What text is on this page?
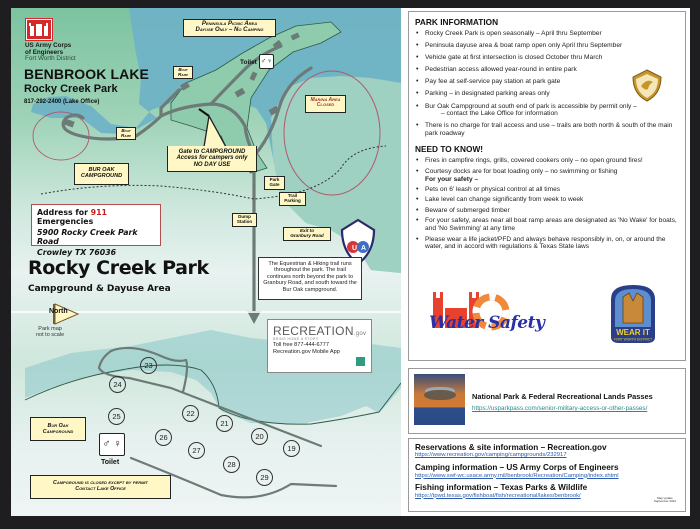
U A
US Army Corps
of Engineers
Fort Worth District
BENBROOK LAKE
Rocky Creek Park
817-292-2400 (Lake Office)
Peninsula Picnic Area
Dayuse Only – No Camping
Boat
Ramp
Boat
Ramp
Toilet ♂ ♀
Marina Area
Closed
BUR OAK
CAMPGROUND
Gate to CAMPGROUND
Access for campers only
NO DAY USE
Park
Gate
Trail
Parking
Dump
Station
Exit to
Granbury Road
Address for 911 Emergencies
5900 Rocky Creek Park Road
Crowley TX 76036
Rocky Creek Park
Campground & Dayuse Area
North
Park map
not to scale
The Equestrian & Hiking trail runs throughout the park. The trail continues north beyond the park to Granbury Road, and south toward the Bur Oak campground.
RECREATION.gov
BRING HOME A STORY
Toll free 877-444-6777
Recreation.gov Mobile App
23
24
25	22
26
21
27
20
28
19
29
Bur Oak
Campground
♂ ♀
Toilet
Campground is closed except by permit
Contact Lake Office
PARK INFORMATION
• Rocky Creek Park is open seasonally – April thru September
• Peninsula dayuse area & boat ramp open only April thru September
• Vehicle gate at first intersection is closed October thru March
• Pedestrian access allowed year-round in entire park
• Pay fee at self-service pay station at park gate
• Parking – in designated parking areas only
• Bur Oak Campground at south end of park is accessible by permit only –
– contact the Lake Office for information
• There is no charge for trail access and use – trails are both north & south of the main park roadway
NEED TO KNOW!
• Fires in campfire rings, grills, covered cookers only – no open ground fires!
• Courtesy docks are for boat loading only – no swimming or fishing
For your safety –
• Pets on 6' leash or physical control at all times
• Lake level can change significantly from week to week
• Beware of submerged timber
• For your safety, areas near all boat ramp areas are designated as 'No Wake' for boats, and 'No Swimming' at any time
• Please wear a life jacket/PFD and always behave responsibly in, on, or around the water, and in accord with regulations & Texas State laws
Water Safety	WEAR IT
FORT WORTH DISTRICT
National Park & Federal Recreational Lands Passes
https://usparkpass.com/senior-military-access-or-other-passes/
Reservations & site information – Recreation.gov
https://www.recreation.gov/camping/campgrounds/232917
Camping information – US Army Corps of Engineers
https://www.swf-wc.usace.army.mil/benbrook/Recreation/Camping/index.shtml
Fishing information – Texas Parks & Wildlife
https://tpwd.texas.gov/fishboat/fish/recreational/lakes/benbrook/	Map update
September 2022
